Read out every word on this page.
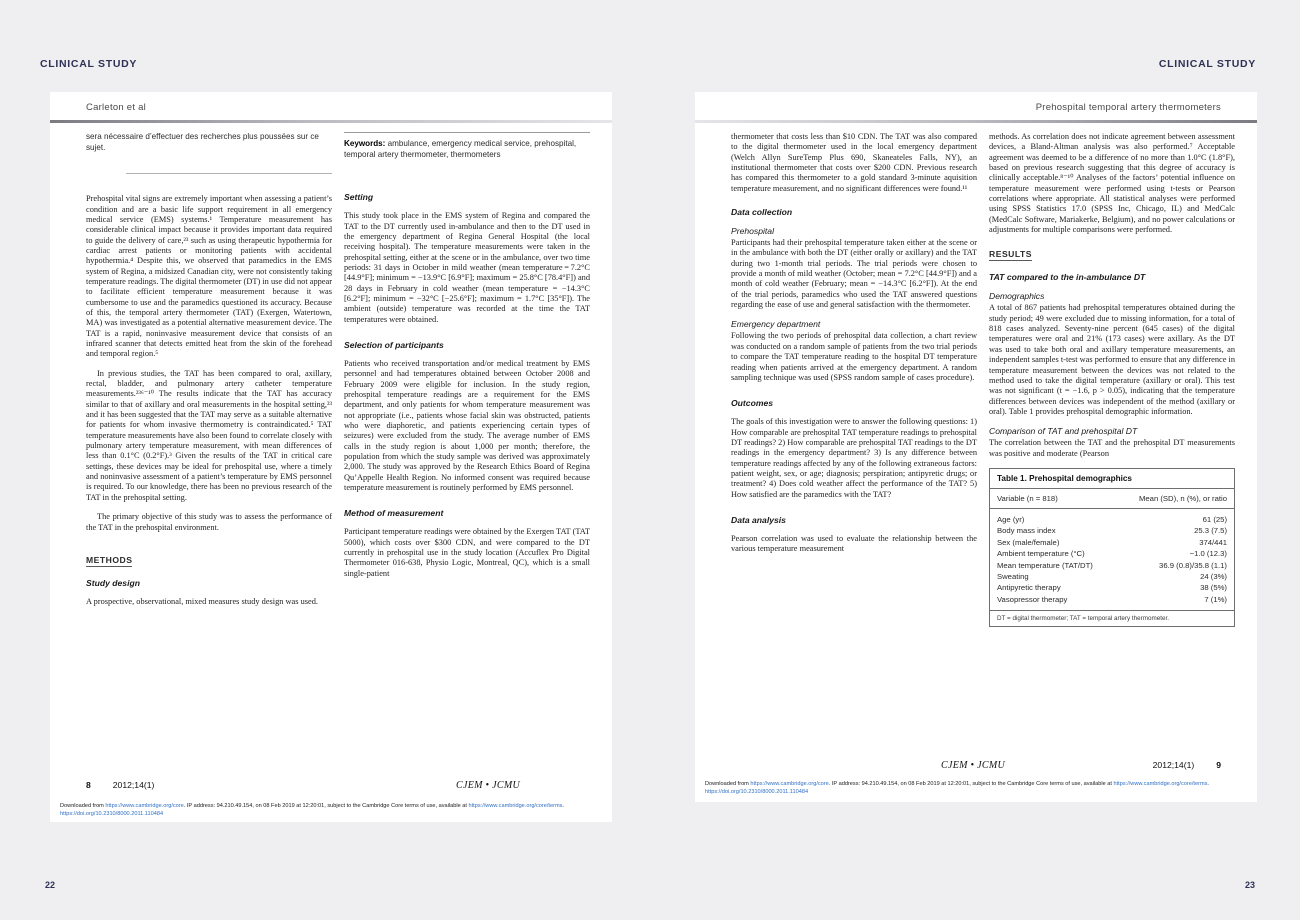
CLINICAL STUDY	CLINICAL STUDY
Carleton et al

sera nécessaire d’effectuer des recherches plus poussées sur ce sujet.

Prehospital vital signs are extremely important when assessing a patient’s condition and are a basic life support requirement in all emergency medical service (EMS) systems.¹ Temperature measurement has considerable clinical impact because it provides important data required to guide the delivery of care,²³ such as using therapeutic hypothermia for cardiac arrest patients or monitoring patients with accidental hypothermia.⁴ Despite this, we observed that paramedics in the EMS system of Regina, a midsized Canadian city, were not consistently taking temperature readings. The digital thermometer (DT) in use did not appear to facilitate efficient temperature measurement because it was cumbersome to use and the paramedics questioned its accuracy. Because of this, the temporal artery thermometer (TAT) (Exergen, Watertown, MA) was investigated as a potential alternative measurement device. The TAT is a rapid, noninvasive measurement device that consists of an infrared scanner that detects emitted heat from the skin of the forehead and temporal region.⁵

In previous studies, the TAT has been compared to oral, axillary, rectal, bladder, and pulmonary artery catheter temperature measurements.²³⁶⁻¹⁰ The results indicate that the TAT has accuracy similar to that of axillary and oral measurements in the hospital setting,²³ and it has been suggested that the TAT may serve as a suitable alternative for patients for whom invasive thermometry is contraindicated.⁵ TAT temperature measurements have also been found to correlate closely with pulmonary artery temperature measurement, with mean differences of less than 0.1°C (0.2°F).³ Given the results of the TAT in critical care settings, these devices may be ideal for prehospital use, where a timely and noninvasive assessment of a patient’s temperature by EMS personnel is required. To our knowledge, there has been no previous research of the TAT in the prehospital setting.

The primary objective of this study was to assess the performance of the TAT in the prehospital environment.

METHODS
Study design

A prospective, observational, mixed measures study design was used.

Keywords: ambulance, emergency medical service, prehospital, temporal artery thermometer, thermometers

Setting

This study took place in the EMS system of Regina and compared the TAT to the DT currently used in-ambulance and then to the DT used in the emergency department of Regina General Hospital (the local receiving hospital). The temperature measurements were taken in the prehospital setting, either at the scene or in the ambulance, over two time periods: 31 days in October in mild weather (mean temperature = 7.2°C [44.9°F]; minimum = −13.9°C [6.9°F]; maximum = 25.8°C [78.4°F]) and 28 days in February in cold weather (mean temperature = −14.3°C [6.2°F]; minimum = −32°C [−25.6°F]; maximum = 1.7°C [35°F]). The ambient (outside) temperature was recorded at the time the TAT temperatures were obtained.

Selection of participants

Patients who received transportation and/or medical treatment by EMS personnel and had temperatures obtained between October 2008 and February 2009 were eligible for inclusion. In the study region, prehospital temperature readings are a requirement for the EMS department, and only patients for whom temperature measurement was not appropriate (i.e., patients whose facial skin was obstructed, patients who were diaphoretic, and patients experiencing certain types of seizures) were excluded from the study. The average number of EMS calls in the study region is about 1,000 per month; therefore, the population from which the study sample was derived was approximately 2,000. The study was approved by the Research Ethics Board of Regina Qu’Appelle Health Region. No informed consent was required because temperature measurement is routinely performed by EMS personnel.

Method of measurement

Participant temperature readings were obtained by the Exergen TAT (TAT 5000), which costs over $300 CDN, and were compared to the DT currently in prehospital use in the study location (Accuflex Pro Digital Thermometer 016-638, Physio Logic, Montreal, QC), which is a small single-patient

8	2012;14(1)	CJEM • JCMU
Downloaded from https://www.cambridge.org/core. IP address: 94.210.49.154, on 08 Feb 2019 at 12:20:01, subject to the Cambridge Core terms of use, available at https://www.cambridge.org/core/terms. https://doi.org/10.2310/8000.2011.110484
Prehospital temporal artery thermometers

thermometer that costs less than $10 CDN. The TAT was also compared to the digital thermometer used in the local emergency department (Welch Allyn SureTemp Plus 690, Skaneateles Falls, NY), an institutional thermometer that costs over $200 CDN. Previous research has compared this thermometer to a gold standard 3-minute aquisition temperature measurement, and no significant differences were found.¹¹

Data collection
Prehospital

Participants had their prehospital temperature taken either at the scene or in the ambulance with both the DT (either orally or axillary) and the TAT during two 1-month trial periods. The trial periods were chosen to provide a month of mild weather (October; mean = 7.2°C [44.9°F]) and a month of cold weather (February; mean = −14.3°C [6.2°F]). At the end of the trial periods, paramedics who used the TAT answered questions regarding the ease of use and general satisfaction with the thermometer.

Emergency department

Following the two periods of prehospital data collection, a chart review was conducted on a random sample of patients from the two trial periods to compare the TAT temperature reading to the hospital DT temperature reading when patients arrived at the emergency department. A random sampling technique was used (SPSS random sample of cases procedure).

Outcomes

The goals of this investigation were to answer the following questions: 1) How comparable are prehospital TAT temperature readings to prehospital DT readings? 2) How comparable are prehospital TAT readings to the DT readings in the emergency department? 3) Is any difference between temperature readings affected by any of the following extraneous factors: patient weight, sex, or age; diagnosis; perspiration; antipyretic drugs; or treatment? 4) Does cold weather affect the performance of the TAT? 5) How satisfied are the paramedics with the TAT?

Data analysis

Pearson correlation was used to evaluate the relationship between the various temperature measurement

methods. As correlation does not indicate agreement between assessment devices, a Bland-Altman analysis was also performed.⁷ Acceptable agreement was deemed to be a difference of no more than 1.0°C (1.8°F), based on previous research suggesting that this degree of accuracy is clinically acceptable.⁸⁻¹⁰ Analyses of the factors’ potential influence on temperature measurement were performed using t-tests or Pearson correlations where appropriate. All statistical analyses were performed using SPSS Statistics 17.0 (SPSS Inc, Chicago, IL) and MedCalc (MedCalc Software, Mariakerke, Belgium), and no power calculations or adjustments for multiple comparisons were performed.

RESULTS
TAT compared to the in-ambulance DT
Demographics

A total of 867 patients had prehospital temperatures obtained during the study period; 49 were excluded due to missing information, for a total of 818 cases analyzed. Seventy-nine percent (645 cases) of the digital temperatures were oral and 21% (173 cases) were axillary. As the DT was used to take both oral and axillary temperature measurements, an independent samples t-test was performed to ensure that any difference in temperature measurement between the devices was not related to the method used to take the digital temperature (axillary or oral). This test was not significant (t = −1.6, p > 0.05), indicating that the temperature differences between devices was independent of the method (axillary or oral). Table 1 provides prehospital demographic information.

Comparison of TAT and prehospital DT

The correlation between the TAT and the prehospital DT measurements was positive and moderate (Pearson

Table 1. Prehospital demographics
Variable (n = 818)	Mean (SD), n (%), or ratio
Age (yr)	61 (25)
Body mass index	25.3 (7.5)
Sex (male/female)	374/441
Ambient temperature (°C)	−1.0 (12.3)
Mean temperature (TAT/DT)	36.9 (0.8)/35.8 (1.1)
Sweating	24 (3%)
Antipyretic therapy	38 (5%)
Vasopressor therapy	7 (1%)
DT = digital thermometer; TAT = temporal artery thermometer.
CJEM • JCMU	2012;14(1)	9
Downloaded from https://www.cambridge.org/core. IP address: 94.210.49.154, on 08 Feb 2019 at 12:20:01, subject to the Cambridge Core terms of use, available at https://www.cambridge.org/core/terms. https://doi.org/10.2310/8000.2011.110484
22	23
